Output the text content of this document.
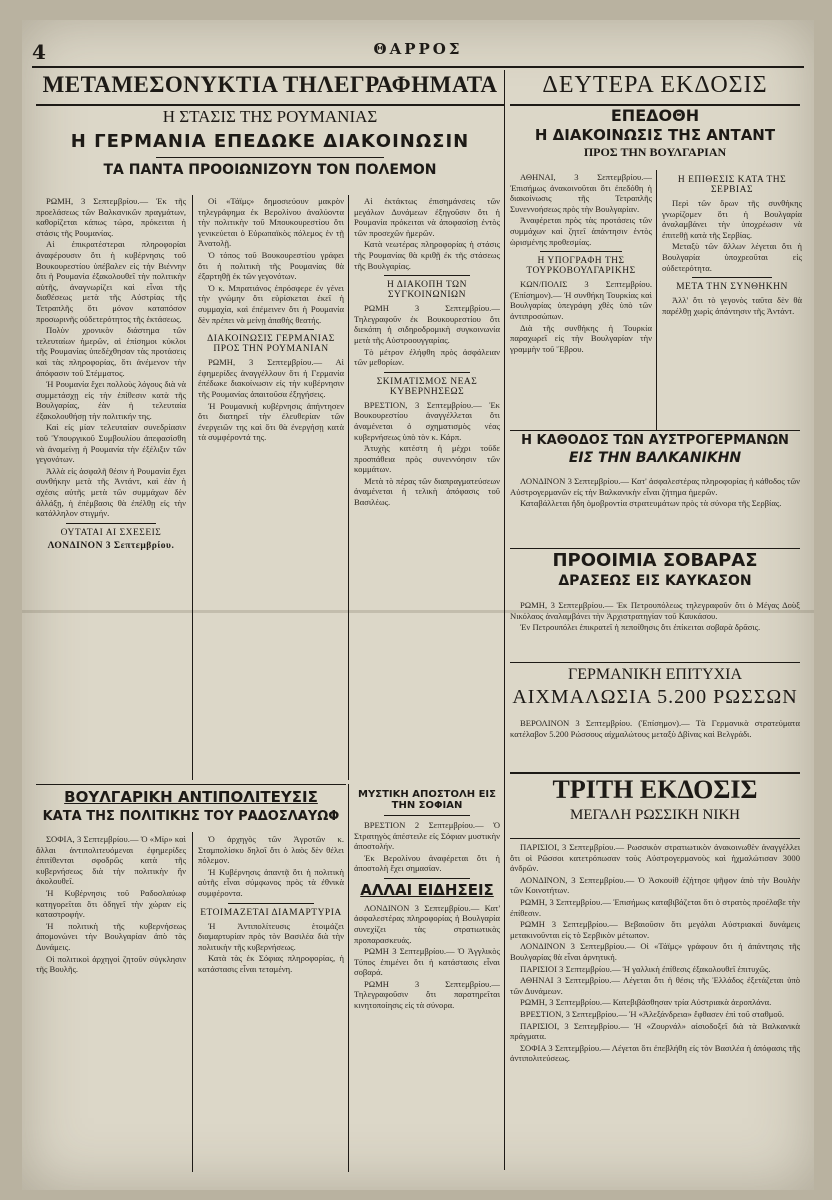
4	ΘΑΡΡΟΣ
ΜΕΤΑΜΕΣΟΝΥΚΤΙΑ ΤΗΛΕΓΡΑΦΗΜΑΤΑ
Η ΣΤΑΣΙΣ ΤΗΣ ΡΟΥΜΑΝΙΑΣ
Η ΓΕΡΜΑΝΙΑ ΕΠΕΔΩΚΕ ΔΙΑΚΟΙΝΩΣΙΝ
ΤΑ ΠΑΝΤΑ ΠΡΟΟΙΩΝΙΖΟΥΝ ΤΟΝ ΠΟΛΕΜΟΝ

ΡΩΜΗ, 3 Σεπτεμβρίου.— Ἐκ τῆς προελάσεως τῶν Βαλκανικῶν πραγμάτων, καθορίζεται κάπως τώρα, πρόκειται ἡ στάσις τῆς Ρουμανίας.

Αἱ ἐπικρατέστεραι πληροφορίαι ἀναφέρουσιν ὅτι ἡ κυβέρνησις τοῦ Βουκουρεστίου ὑπέβαλεν εἰς τὴν Βιέννην ὅτι ἡ Ρουμανία ἐξακολουθεῖ τὴν πολιτικὴν αὐτῆς, ἀναγνωρίζει καὶ εἶναι τῆς διαθέσεως μετὰ τῆς Αὐστρίας τῆς Τετραπλῆς ὅτι μόνον καταπόσον προσωρινῆς οὐδετερότητος τῆς ἐκτάσεως.

Πολὺν χρονικὸν διάστημα τῶν τελευταίων ἡμερῶν, αἱ ἐπίσημοι κύκλοι τῆς Ρουμανίας ὑπεδέχθησαν τὰς προτάσεις καὶ τὰς πληροφορίας, ὅτι ἀνέμενον τὴν ἀπόφασιν τοῦ Στέμματος.

Ἡ Ρουμανία ἔχει πολλοὺς λόγους διὰ νὰ συμμετάσχῃ εἰς τὴν ἐπίθεσιν κατὰ τῆς Βουλγαρίας, ἐὰν ἡ τελευταία ἐξακολουθήσῃ τὴν πολιτικήν της.

Καὶ εἰς μίαν τελευταίαν συνεδρίασιν τοῦ Ὑπουργικοῦ Συμβουλίου ἀπεφασίσθη νὰ ἀναμείνῃ ἡ Ρουμανία τὴν ἐξέλιξιν τῶν γεγονότων.

Ἀλλὰ εἰς ἀσφαλῆ θέσιν ἡ Ρουμανία ἔχει συνθήκην μετὰ τῆς Ἀντάντ, καὶ ἐὰν ἡ σχέσις αὐτῆς μετὰ τῶν συμμάχων δὲν ἀλλάξῃ, ἡ ἐπέμβασις θὰ ἐπέλθῃ εἰς τὴν κατάλληλον στιγμήν.

ΟΥΤΑΤΑΙ ΑΙ ΣΧΕΣΕΙΣ
ΛΟΝΔΙΝΟΝ 3 Σεπτεμβρίου.

Οἱ «Τάϊμς» δημοσιεύουν μακρὸν τηλεγράφημα ἐκ Βερολίνου ἀναλύοντα τὴν πολιτικὴν τοῦ Μπουκουρεστίου ὅτι γενικεύεται ὁ Εὐρωπαϊκὸς πόλεμος ἐν τῇ Ἀνατολῇ.

Ὁ τόπος τοῦ Βουκουρεστίου γράφει ὅτι ἡ πολιτικὴ τῆς Ρουμανίας θὰ ἐξαρτηθῇ ἐκ τῶν γεγονότων.

Ὁ κ. Μπρατιάνος ἐπρόσφερε ἐν γένει τὴν γνώμην ὅτι εὑρίσκεται ἐκεῖ ἡ συμμαχία, καὶ ἐπέμεινεν ὅτι ἡ Ρουμανία δὲν πρέπει νὰ μείνῃ ἀπαθὴς θεατής.

ΔΙΑΚΟΙΝΩΣΙΣ ΓΕΡΜΑΝΙΑΣ ΠΡΟΣ ΤΗΝ ΡΟΥΜΑΝΙΑΝ

ΡΩΜΗ, 3 Σεπτεμβρίου.— Αἱ ἐφημερίδες ἀναγγέλλουν ὅτι ἡ Γερμανία ἐπέδωκε διακοίνωσιν εἰς τὴν κυβέρνησιν τῆς Ρουμανίας ἀπαιτοῦσα ἐξηγήσεις.

Ἡ Ρουμανικὴ κυβέρνησις ἀπήντησεν ὅτι διατηρεῖ τὴν ἐλευθερίαν τῶν ἐνεργειῶν της καὶ ὅτι θὰ ἐνεργήσῃ κατὰ τὰ συμφέροντά της.

Αἱ ἐκτάκτως ἐπισημάνσεις τῶν μεγάλων Δυνάμεων ἐξηγοῦσιν ὅτι ἡ Ρουμανία πρόκειται νὰ ἀποφασίσῃ ἐντὸς τῶν προσεχῶν ἡμερῶν.

Κατὰ νεωτέρας πληροφορίας ἡ στάσις τῆς Ρουμανίας θὰ κριθῇ ἐκ τῆς στάσεως τῆς Βουλγαρίας.

Η ΔΙΑΚΟΠΗ ΤΩΝ ΣΥΓΚΟΙΝΩΝΙΩΝ

ΡΩΜΗ 3 Σεπτεμβρίου.— Τηλεγραφοῦν ἐκ Βουκουρεστίου ὅτι διεκόπη ἡ σιδηροδρομικὴ συγκοινωνία μετὰ τῆς Αὐστροουγγαρίας.

Τὸ μέτρον ἐλήφθη πρὸς ἀσφάλειαν τῶν μεθορίων.

ΣΚΙΜΑΤΙΣΜΟΣ ΝΕΑΣ ΚΥΒΕΡΝΗΣΕΩΣ

ΒΡΕΣΤΙΟΝ, 3 Σεπτεμβρίου.— Ἐκ Βουκουρεστίου ἀναγγέλλεται ὅτι ἀναμένεται ὁ σχηματισμὸς νέας κυβερνήσεως ὑπὸ τὸν κ. Κάρπ.

Ἀτυχὴς κατέστη ἡ μέχρι τοῦδε προσπάθεια πρὸς συνεννόησιν τῶν κομμάτων.

Μετὰ τὸ πέρας τῶν διαπραγματεύσεων ἀναμένεται ἡ τελικὴ ἀπόφασις τοῦ Βασιλέως.

ΒΟΥΛΓΑΡΙΚΗ ΑΝΤΙΠΟΛΙΤΕΥΣΙΣ
ΚΑΤΑ ΤΗΣ ΠΟΛΙΤΙΚΗΣ ΤΟΥ ΡΑΔΟΣΛΑΥΩΦ

ΣΟΦΙΑ, 3 Σεπτεμβρίου.— Ὁ «Μίρ» καὶ ἄλλαι ἀντιπολιτευόμεναι ἐφημερίδες ἐπιτίθενται σφοδρῶς κατὰ τῆς κυβερνήσεως διὰ τὴν πολιτικὴν ἣν ἀκολουθεῖ.

Ἡ Κυβέρνησις τοῦ Ραδοσλαύωφ κατηγορεῖται ὅτι ὁδηγεῖ τὴν χώραν εἰς καταστροφήν.

Ἡ πολιτικὴ τῆς κυβερνήσεως ἀπομονώνει τὴν Βουλγαρίαν ἀπὸ τὰς Δυνάμεις.

Οἱ πολιτικοὶ ἀρχηγοὶ ζητοῦν σύγκλησιν τῆς Βουλῆς.

Ὁ ἀρχηγὸς τῶν Ἀγροτῶν κ. Σταμπολίσκυ δηλοῖ ὅτι ὁ λαὸς δὲν θέλει πόλεμον.

Ἡ Κυβέρνησις ἀπαντᾷ ὅτι ἡ πολιτικὴ αὐτῆς εἶναι σύμφωνος πρὸς τὰ ἐθνικὰ συμφέροντα.

ΕΤΟΙΜΑΖΕΤΑΙ ΔΙΑΜΑΡΤΥΡΙΑ

Ἡ Ἀντιπολίτευσις ἑτοιμάζει διαμαρτυρίαν πρὸς τὸν Βασιλέα διὰ τὴν πολιτικὴν τῆς κυβερνήσεως.

Κατὰ τὰς ἐκ Σόφιας πληροφορίας, ἡ κατάστασις εἶναι τεταμένη.

ΜΥΣΤΙΚΗ ΑΠΟΣΤΟΛΗ ΕΙΣ ΤΗΝ ΣΟΦΙΑΝ

ΒΡΕΣΤΙΟΝ 2 Σεπτεμβρίου.— Ὁ Στρατηγὸς ἀπέστειλε εἰς Σόφιαν μυστικὴν ἀποστολήν.

Ἐκ Βερολίνου ἀναφέρεται ὅτι ἡ ἀποστολὴ ἔχει σημασίαν.

ΑΛΛΑΙ ΕΙΔΗΣΕΙΣ

ΛΟΝΔΙΝΟΝ 3 Σεπτεμβρίου.— Κατ' ἀσφαλεστέρας πληροφορίας ἡ Βουλγαρία συνεχίζει τὰς στρατιωτικὰς προπαρασκευάς.

ΡΩΜΗ 3 Σεπτεμβρίου.— Ὁ Ἀγγλικὸς Τύπος ἐπιμένει ὅτι ἡ κατάστασις εἶναι σοβαρά.

ΡΩΜΗ 3 Σεπτεμβρίου.— Τηλεγραφοῦσιν ὅτι παρατηρεῖται κινητοποίησις εἰς τὰ σύνορα.

ΔΕΥΤΕΡΑ ΕΚΔΟΣΙΣ
ΕΠΕΔΟΘΗ
Η ΔΙΑΚΟΙΝΩΣΙΣ ΤΗΣ ΑΝΤΑΝΤ
ΠΡΟΣ ΤΗΝ ΒΟΥΛΓΑΡΙΑΝ

ΑΘΗΝΑΙ, 3 Σεπτεμβρίου.— Ἐπισήμως ἀνακοινοῦται ὅτι ἐπεδόθη ἡ διακοίνωσις τῆς Τετραπλῆς Συνεννοήσεως πρὸς τὴν Βουλγαρίαν.

Ἀναφέρεται πρὸς τὰς προτάσεις τῶν συμμάχων καὶ ζητεῖ ἀπάντησιν ἐντὸς ὡρισμένης προθεσμίας.

Η ΥΠΟΓΡΑΦΗ ΤΗΣ ΤΟΥΡΚΟΒΟΥΛΓΑΡΙΚΗΣ

ΚΩΝ/ΠΟΛΙΣ 3 Σεπτεμβρίου. (Ἐπίσημον).— Ἡ συνθήκη Τουρκίας καὶ Βουλγαρίας ὑπεγράφη χθὲς ὑπὸ τῶν ἀντιπροσώπων.

Διὰ τῆς συνθήκης ἡ Τουρκία παραχωρεῖ εἰς τὴν Βουλγαρίαν τὴν γραμμὴν τοῦ Ἕβρου.

Η ΕΠΙΘΕΣΙΣ ΚΑΤΑ ΤΗΣ ΣΕΡΒΙΑΣ

Περὶ τῶν ὅρων τῆς συνθήκης γνωρίζομεν ὅτι ἡ Βουλγαρία ἀναλαμβάνει τὴν ὑποχρέωσιν νὰ ἐπιτεθῇ κατὰ τῆς Σερβίας.

Μεταξὺ τῶν ἄλλων λέγεται ὅτι ἡ Βουλγαρία ὑποχρεοῦται εἰς οὐδετερότητα.

ΜΕΤΑ ΤΗΝ ΣΥΝΘΗΚΗΝ

Ἀλλ' ὅτι τὸ γεγονὸς ταῦτα δὲν θὰ παρέλθῃ χωρὶς ἀπάντησιν τῆς Ἀντάντ.

Η ΚΑΘΟΔΟΣ ΤΩΝ ΑΥΣΤΡΟΓΕΡΜΑΝΩΝ
ΕΙΣ ΤΗΝ ΒΑΛΚΑΝΙΚΗΝ

ΛΟΝΔΙΝΟΝ 3 Σεπτεμβρίου.— Κατ' ἀσφαλεστέρας πληροφορίας ἡ κάθοδος τῶν Αὐστρογερμανῶν εἰς τὴν Βαλκανικὴν εἶναι ζήτημα ἡμερῶν.

Καταβάλλεται ἤδη ὁμοβροντία στρατευμάτων πρὸς τὰ σύνορα τῆς Σερβίας.

ΠΡΟΟΙΜΙΑ ΣΟΒΑΡΑΣ
ΔΡΑΣΕΩΣ ΕΙΣ ΚΑΥΚΑΣΟΝ

ΡΩΜΗ, 3 Σεπτεμβρίου.— Ἐκ Πετρουπόλεως τηλεγραφοῦν ὅτι ὁ Μέγας Δοὺξ Νικόλαος ἀναλαμβάνει τὴν Ἀρχιστρατηγίαν τοῦ Καυκάσου.

Ἐν Πετρουπόλει ἐπικρατεῖ ἡ πεποίθησις ὅτι ἐπίκειται σοβαρὰ δρᾶσις.

ΓΕΡΜΑΝΙΚΗ ΕΠΙΤΥΧΙΑ
ΑΙΧΜΑΛΩΣΙΑ 5.200 ΡΩΣΣΩΝ

ΒΕΡΟΛΙΝΟΝ 3 Σεπτεμβρίου. (Ἐπίσημον).— Τὰ Γερμανικὰ στρατεύματα κατέλαβον 5.200 Ρώσσους αἰχμαλώτους μεταξὺ Δβίνας καὶ Βελγράδι.

ΤΡΙΤΗ ΕΚΔΟΣΙΣ
ΜΕΓΑΛΗ ΡΩΣΣΙΚΗ ΝΙΚΗ

ΠΑΡΙΣΙΟΙ, 3 Σεπτεμβρίου.— Ρωσσικὸν στρατιωτικὸν ἀνακοινωθὲν ἀναγγέλλει ὅτι οἱ Ρῶσσοι κατετρόπωσαν τοὺς Αὐστρογερμανοὺς καὶ ἠχμαλώτισαν 3000 ἀνδρῶν.

ΛΟΝΔΙΝΟΝ, 3 Σεπτεμβρίου.— Ὁ Ἀσκουίθ ἐζήτησε ψῆφον ἀπὸ τὴν Βουλὴν τῶν Κοινοτήτων.

ΡΩΜΗ, 3 Σεπτεμβρίου.— Ἐπισήμως καταβιβάζεται ὅτι ὁ στρατὸς προέλαβε τὴν ἐπίθεσιν.

ΡΩΜΗ 3 Σεπτεμβρίου.— Βεβαιοῦσιν ὅτι μεγάλαι Αὐστριακαὶ δυνάμεις μετακινοῦνται εἰς τὸ Σερβικὸν μέτωπον.

ΛΟΝΔΙΝΟΝ 3 Σεπτεμβρίου.— Οἱ «Τάϊμς» γράφουν ὅτι ἡ ἀπάντησις τῆς Βουλγαρίας θὰ εἶναι ἀρνητική.

ΠΑΡΙΣΙΟΙ 3 Σεπτεμβρίου.— Ἡ γαλλικὴ ἐπίθεσις ἐξακολουθεῖ ἐπιτυχῶς.

ΑΘΗΝΑΙ 3 Σεπτεμβρίου.— Λέγεται ὅτι ἡ θέσις τῆς Ἑλλάδος ἐξετάζεται ὑπὸ τῶν Δυνάμεων.

ΡΩΜΗ, 3 Σεπτεμβρίου.— Κατεβιβάσθησαν τρία Αὐστριακὰ ἀεροπλάνα.

ΒΡΕΣΤΙΟΝ, 3 Σεπτεμβρίου.— Ἡ «Ἀλεξάνδρεια» ἔφθασεν ἐπὶ τοῦ σταθμοῦ.

ΠΑΡΙΣΙΟΙ, 3 Σεπτεμβρίου.— Ἡ «Ζουρνάλ» αἰσιοδοξεῖ διὰ τὰ Βαλκανικὰ πράγματα.

ΣΟΦΙΑ 3 Σεπτεμβρίου.— Λέγεται ὅτι ἐπεβλήθη εἰς τὸν Βασιλέα ἡ ἀπόφασις τῆς ἀντιπολιτεύσεως.
